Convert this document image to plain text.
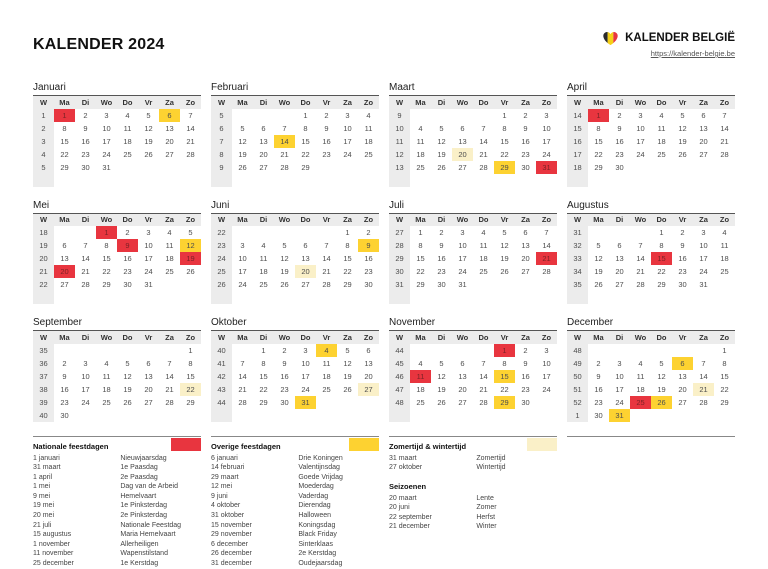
KALENDER 2024	KALENDER BELGIË
https://kalender-belgie.be
Januari
W	Ma	Di	Wo	Do	Vr	Za	Zo
1	1	2	3	4	5	6	7
2	8	9	10	11	12	13	14
3	15	16	17	18	19	20	21
4	22	23	24	25	26	27	28
5	29	30	31				

Februari
W	Ma	Di	Wo	Do	Vr	Za	Zo
5				1	2	3	4
6	5	6	7	8	9	10	11
7	12	13	14	15	16	17	18
8	19	20	21	22	23	24	25
9	26	27	28	29			

Maart
W	Ma	Di	Wo	Do	Vr	Za	Zo
9					1	2	3
10	4	5	6	7	8	9	10
11	11	12	13	14	15	16	17
12	18	19	20	21	22	23	24
13	25	26	27	28	29	30	31

April
W	Ma	Di	Wo	Do	Vr	Za	Zo
14	1	2	3	4	5	6	7
15	8	9	10	11	12	13	14
16	15	16	17	18	19	20	21
17	22	23	24	25	26	27	28
18	29	30					

Mei
W	Ma	Di	Wo	Do	Vr	Za	Zo
18			1	2	3	4	5
19	6	7	8	9	10	11	12
20	13	14	15	16	17	18	19
21	20	21	22	23	24	25	26
22	27	28	29	30	31		

Juni
W	Ma	Di	Wo	Do	Vr	Za	Zo
22						1	2
23	3	4	5	6	7	8	9
24	10	11	12	13	14	15	16
25	17	18	19	20	21	22	23
26	24	25	26	27	28	29	30

Juli
W	Ma	Di	Wo	Do	Vr	Za	Zo
27	1	2	3	4	5	6	7
28	8	9	10	11	12	13	14
29	15	16	17	18	19	20	21
30	22	23	24	25	26	27	28
31	29	30	31				

Augustus
W	Ma	Di	Wo	Do	Vr	Za	Zo
31				1	2	3	4
32	5	6	7	8	9	10	11
33	12	13	14	15	16	17	18
34	19	20	21	22	23	24	25
35	26	27	28	29	30	31	

September
W	Ma	Di	Wo	Do	Vr	Za	Zo
35							1
36	2	3	4	5	6	7	8
37	9	10	11	12	13	14	15
38	16	17	18	19	20	21	22
39	23	24	25	26	27	28	29
40	30						
Oktober
W	Ma	Di	Wo	Do	Vr	Za	Zo
40		1	2	3	4	5	6
41	7	8	9	10	11	12	13
42	14	15	16	17	18	19	20
43	21	22	23	24	25	26	27
44	28	29	30	31			

November
W	Ma	Di	Wo	Do	Vr	Za	Zo
44					1	2	3
45	4	5	6	7	8	9	10
46	11	12	13	14	15	16	17
47	18	19	20	21	22	23	24
48	25	26	27	28	29	30	

December
W	Ma	Di	Wo	Do	Vr	Za	Zo
48							1
49	2	3	4	5	6	7	8
50	9	10	11	12	13	14	15
51	16	17	18	19	20	21	22
52	23	24	25	26	27	28	29
1	30	31					
Nationale feestdagen
1 januari	Nieuwjaarsdag
31 maart	1e Paasdag
1 april	2e Paasdag
1 mei	Dag van de Arbeid
9 mei	Hemelvaart
19 mei	1e Pinksterdag
20 mei	2e Pinksterdag
21 juli	Nationale Feestdag
15 augustus	Maria Hemelvaart
1 november	Allerheiligen
11 november	Wapenstilstand
25 december	1e Kerstdag
Overige feestdagen
6 januari	Drie Koningen
14 februari	Valentijnsdag
29 maart	Goede Vrijdag
12 mei	Moederdag
9 juni	Vaderdag
4 oktober	Dierendag
31 oktober	Halloween
15 november	Koningsdag
29 november	Black Friday
6 december	Sinterklaas
26 december	2e Kerstdag
31 december	Oudejaarsdag
Zomertijd & wintertijd
31 maart	Zomertijd
27 oktober	Wintertijd
Seizoenen
20 maart	Lente
20 juni	Zomer
22 september	Herfst
21 december	Winter
